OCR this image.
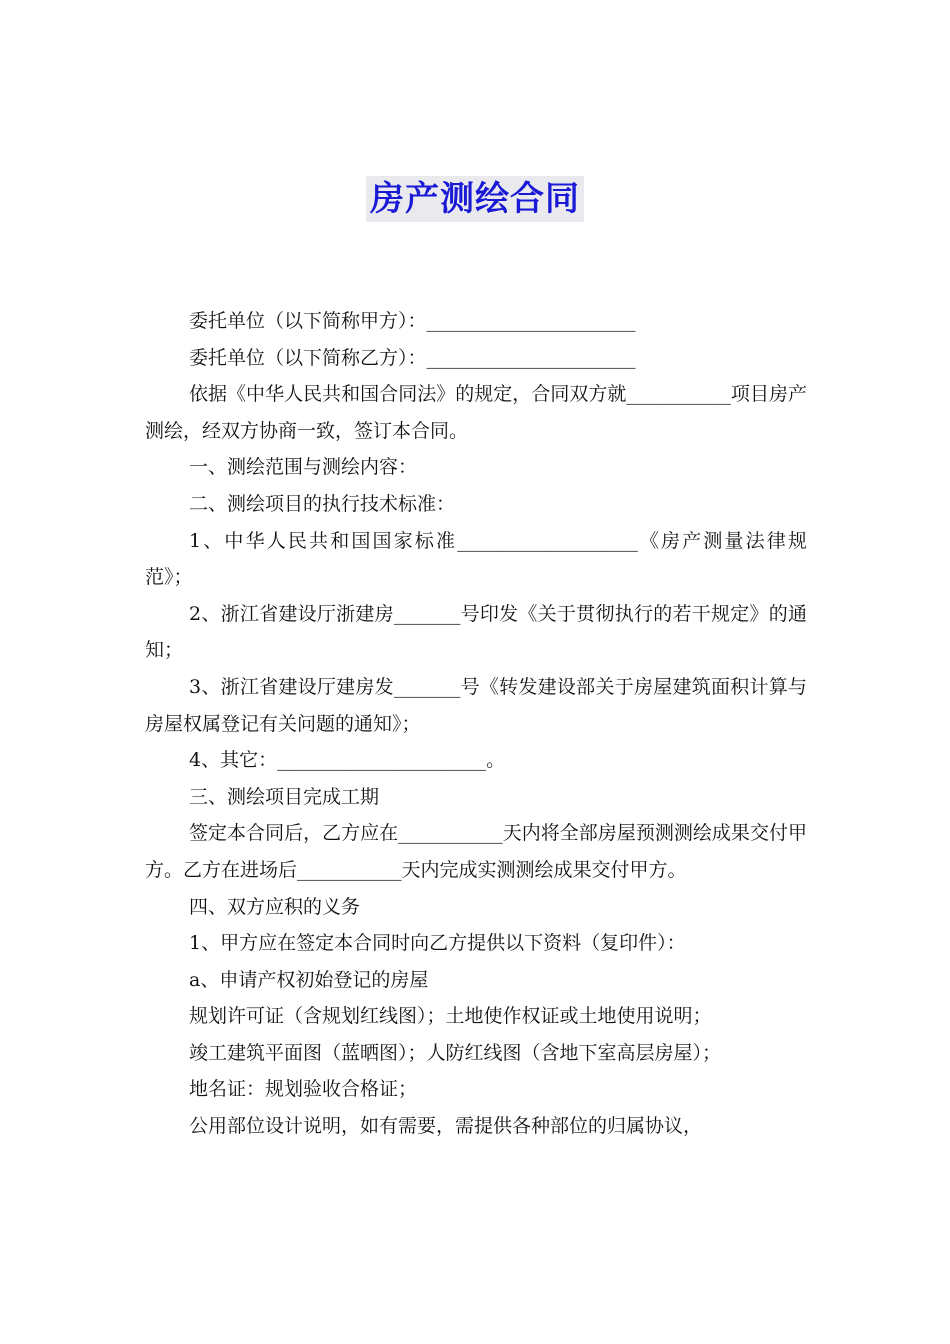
房产测绘合同

委托单位（以下简称甲方）：______________________

委托单位（以下简称乙方）：______________________

依据《中华人民共和国合同法》的规定，合同双方就___________项目房产测绘，经双方协商一致，签订本合同。

一、测绘范围与测绘内容：

二、测绘项目的执行技术标准：

1、中华人民共和国国家标准___________________《房产测量法律规范》；

2、浙江省建设厅浙建房_______号印发《关于贯彻执行的若干规定》的通知；

3、浙江省建设厅建房发_______号《转发建设部关于房屋建筑面积计算与房屋权属登记有关问题的通知》；

4、其它：______________________。

三、测绘项目完成工期

签定本合同后，乙方应在___________天内将全部房屋预测测绘成果交付甲方。乙方在进场后___________天内完成实测测绘成果交付甲方。

四、双方应积的义务

1、甲方应在签定本合同时向乙方提供以下资料（复印件）：

a、申请产权初始登记的房屋

规划许可证（含规划红线图）；土地使作权证或土地使用说明；

竣工建筑平面图（蓝晒图）；人防红线图（含地下室高层房屋）；

地名证：规划验收合格证；

公用部位设计说明，如有需要，需提供各种部位的归属协议，
